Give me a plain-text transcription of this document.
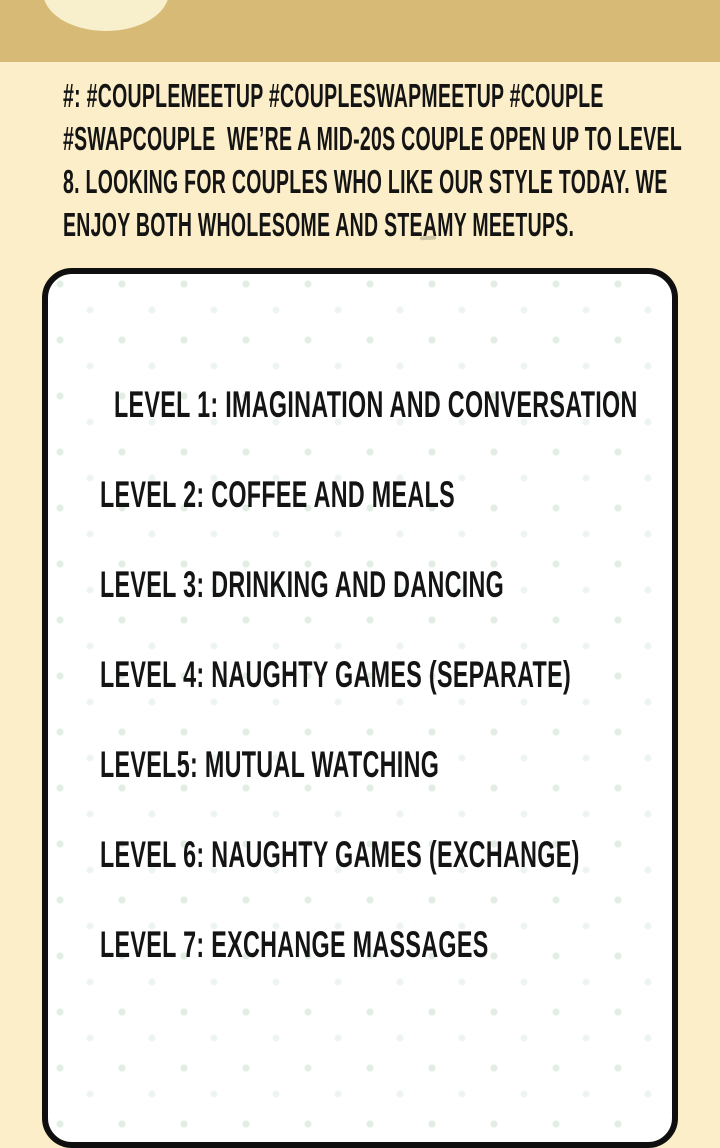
#: #COUPLEMEETUP #COUPLESWAPMEETUP #COUPLE
#SWAPCOUPLE  WE’RE A MID-20S COUPLE OPEN UP TO LEVEL
8. LOOKING FOR COUPLES WHO LIKE OUR STYLE TODAY. WE
ENJOY BOTH WHOLESOME AND STEAMY MEETUPS.
LEVEL 1: IMAGINATION AND CONVERSATION
LEVEL 2: COFFEE AND MEALS
LEVEL 3: DRINKING AND DANCING
LEVEL 4: NAUGHTY GAMES (SEPARATE)
LEVEL5: MUTUAL WATCHING
LEVEL 6: NAUGHTY GAMES (EXCHANGE)
LEVEL 7: EXCHANGE MASSAGES
